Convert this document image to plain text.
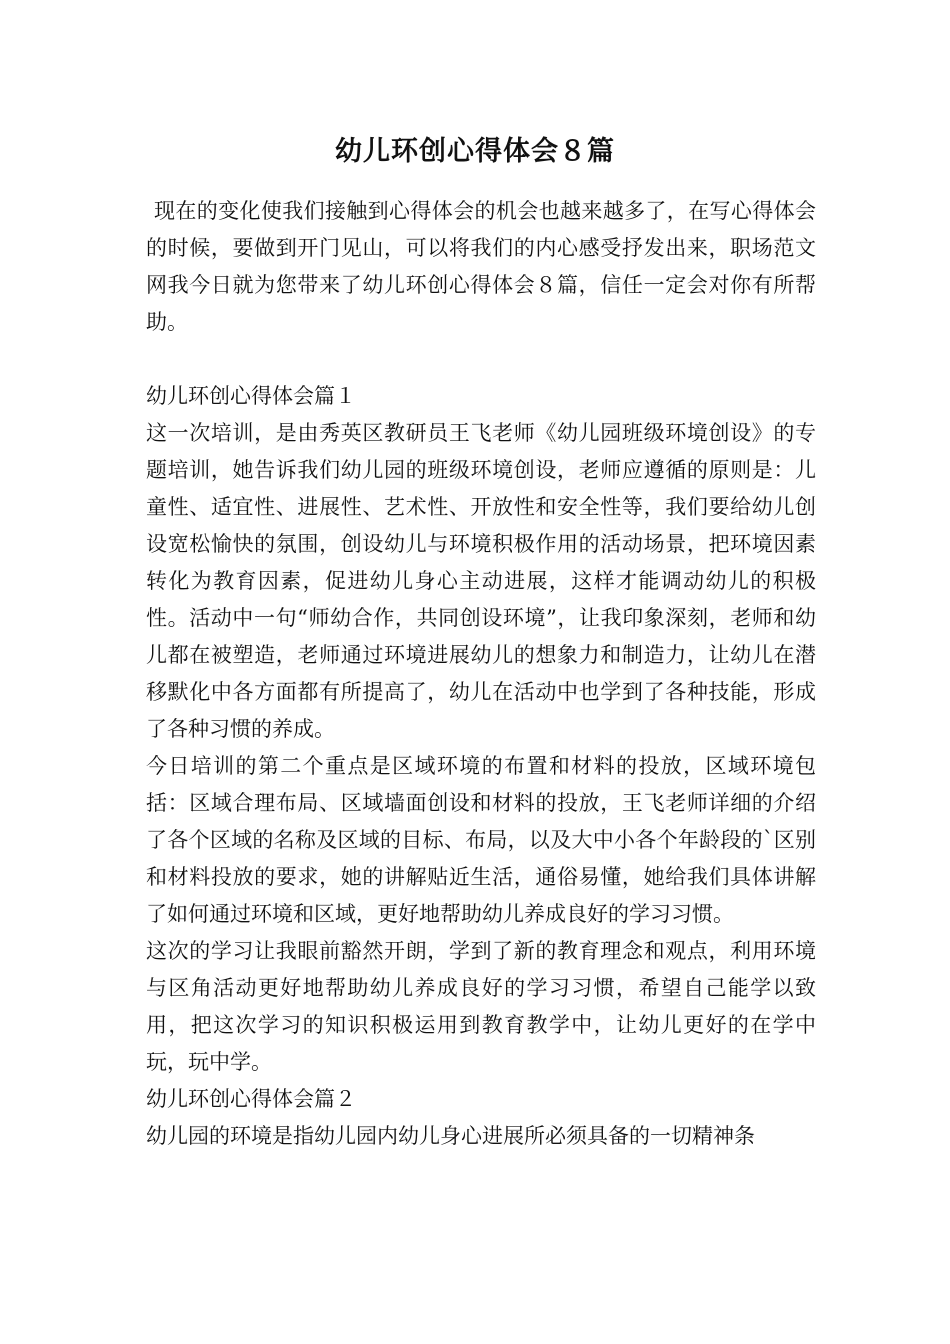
幼儿环创心得体会８篇

现在的变化使我们接触到心得体会的机会也越来越多了，在写心得体会的时候，要做到开门见山，可以将我们的内心感受抒发出来，职场范文网我今日就为您带来了幼儿环创心得体会８篇，信任一定会对你有所帮助。

幼儿环创心得体会篇１

这一次培训，是由秀英区教研员王飞老师《幼儿园班级环境创设》的专题培训，她告诉我们幼儿园的班级环境创设，老师应遵循的原则是：儿童性、适宜性、进展性、艺术性、开放性和安全性等，我们要给幼儿创设宽松愉快的氛围，创设幼儿与环境积极作用的活动场景，把环境因素转化为教育因素，促进幼儿身心主动进展，这样才能调动幼儿的积极性。活动中一句“师幼合作，共同创设环境”，让我印象深刻，老师和幼儿都在被塑造，老师通过环境进展幼儿的想象力和制造力，让幼儿在潜移默化中各方面都有所提高了，幼儿在活动中也学到了各种技能，形成了各种习惯的养成。

今日培训的第二个重点是区域环境的布置和材料的投放，区域环境包括：区域合理布局、区域墙面创设和材料的投放，王飞老师详细的介绍了各个区域的名称及区域的目标、布局，以及大中小各个年龄段的`区别和材料投放的要求，她的讲解贴近生活，通俗易懂，她给我们具体讲解了如何通过环境和区域，更好地帮助幼儿养成良好的学习习惯。

这次的学习让我眼前豁然开朗，学到了新的教育理念和观点，利用环境与区角活动更好地帮助幼儿养成良好的学习习惯，希望自己能学以致用，把这次学习的知识积极运用到教育教学中，让幼儿更好的在学中玩，玩中学。

幼儿环创心得体会篇２

幼儿园的环境是指幼儿园内幼儿身心进展所必须具备的一切精神条
